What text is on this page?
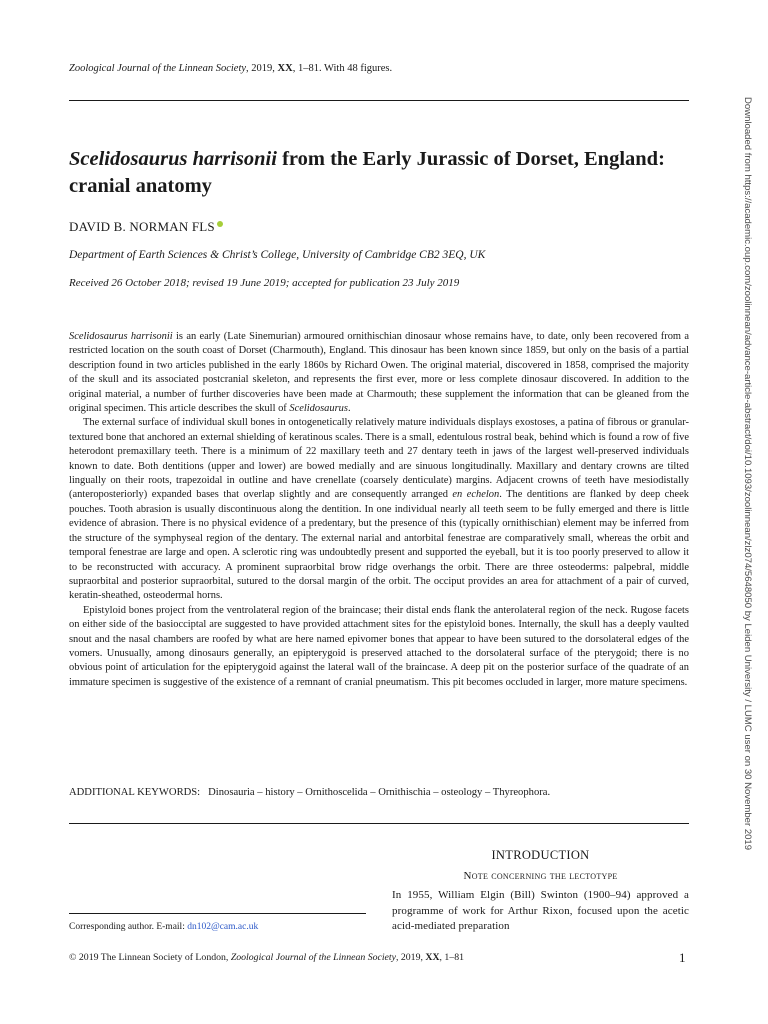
Zoological Journal of the Linnean Society, 2019, XX, 1–81. With 48 figures.
Scelidosaurus harrisonii from the Early Jurassic of Dorset, England: cranial anatomy
DAVID B. NORMAN FLS
Department of Earth Sciences & Christ’s College, University of Cambridge CB2 3EQ, UK
Received 26 October 2018; revised 19 June 2019; accepted for publication 23 July 2019

Scelidosaurus harrisonii is an early (Late Sinemurian) armoured ornithischian dinosaur whose remains have, to date, only been recovered from a restricted location on the south coast of Dorset (Charmouth), England. This dinosaur has been known since 1859, but only on the basis of a partial description found in two articles published in the early 1860s by Richard Owen. The original material, discovered in 1858, comprised the majority of the skull and its associated postcranial skeleton, and represents the first ever, more or less complete dinosaur discovered. In addition to the original material, a number of further discoveries have been made at Charmouth; these supplement the information that can be gleaned from the original specimen. This article describes the skull of Scelidosaurus.

The external surface of individual skull bones in ontogenetically relatively mature individuals displays exostoses, a patina of fibrous or granular-textured bone that anchored an external shielding of keratinous scales. There is a small, edentulous rostral beak, behind which is found a row of five heterodont premaxillary teeth. There is a minimum of 22 maxillary teeth and 27 dentary teeth in jaws of the largest well-preserved individuals known to date. Both dentitions (upper and lower) are bowed medially and are sinuous longitudinally. Maxillary and dentary crowns are tilted lingually on their roots, trapezoidal in outline and have crenellate (coarsely denticulate) margins. Adjacent crowns of teeth have mesiodistally (anteroposteriorly) expanded bases that overlap slightly and are consequently arranged en echelon. The dentitions are flanked by deep cheek pouches. Tooth abrasion is usually discontinuous along the dentition. In one individual nearly all teeth seem to be fully emerged and there is little evidence of abrasion. There is no physical evidence of a predentary, but the presence of this (typically ornithischian) element may be inferred from the structure of the symphyseal region of the dentary. The external narial and antorbital fenestrae are comparatively small, whereas the orbit and temporal fenestrae are large and open. A sclerotic ring was undoubtedly present and supported the eyeball, but it is too poorly preserved to allow it to be reconstructed with accuracy. A prominent supraorbital brow ridge overhangs the orbit. There are three osteoderms: palpebral, middle supraorbital and posterior supraorbital, sutured to the dorsal margin of the orbit. The occiput provides an area for attachment of a pair of curved, keratin-sheathed, osteodermal horns.

Epistyloid bones project from the ventrolateral region of the braincase; their distal ends flank the anterolateral region of the neck. Rugose facets on either side of the basiocciptal are suggested to have provided attachment sites for the epistyloid bones. Internally, the skull has a deeply vaulted snout and the nasal chambers are roofed by what are here named epivomer bones that appear to have been sutured to the dorsolateral edges of the vomers. Unusually, among dinosaurs generally, an epipterygoid is preserved attached to the dorsolateral surface of the pterygoid; there is no obvious point of articulation for the epipterygoid against the lateral wall of the braincase. A deep pit on the posterior surface of the quadrate of an immature specimen is suggestive of the existence of a remnant of cranial pneumatism. This pit becomes occluded in larger, more mature specimens.

ADDITIONAL KEYWORDS: Dinosauria – history – Ornithoscelida – Ornithischia – osteology – Thyreophora.
INTRODUCTION
Note concerning the lectotype
In 1955, William Elgin (Bill) Swinton (1900–94) approved a programme of work for Arthur Rixon, focused upon the acetic acid-mediated preparation
Corresponding author. E-mail: dn102@cam.ac.uk
© 2019 The Linnean Society of London, Zoological Journal of the Linnean Society, 2019, XX, 1–81	1
Downloaded from https://academic.oup.com/zoolinnean/advance-article-abstract/doi/10.1093/zoolinnean/zlz074/5648050 by Leiden University / LUMC user on 30 November 2019
